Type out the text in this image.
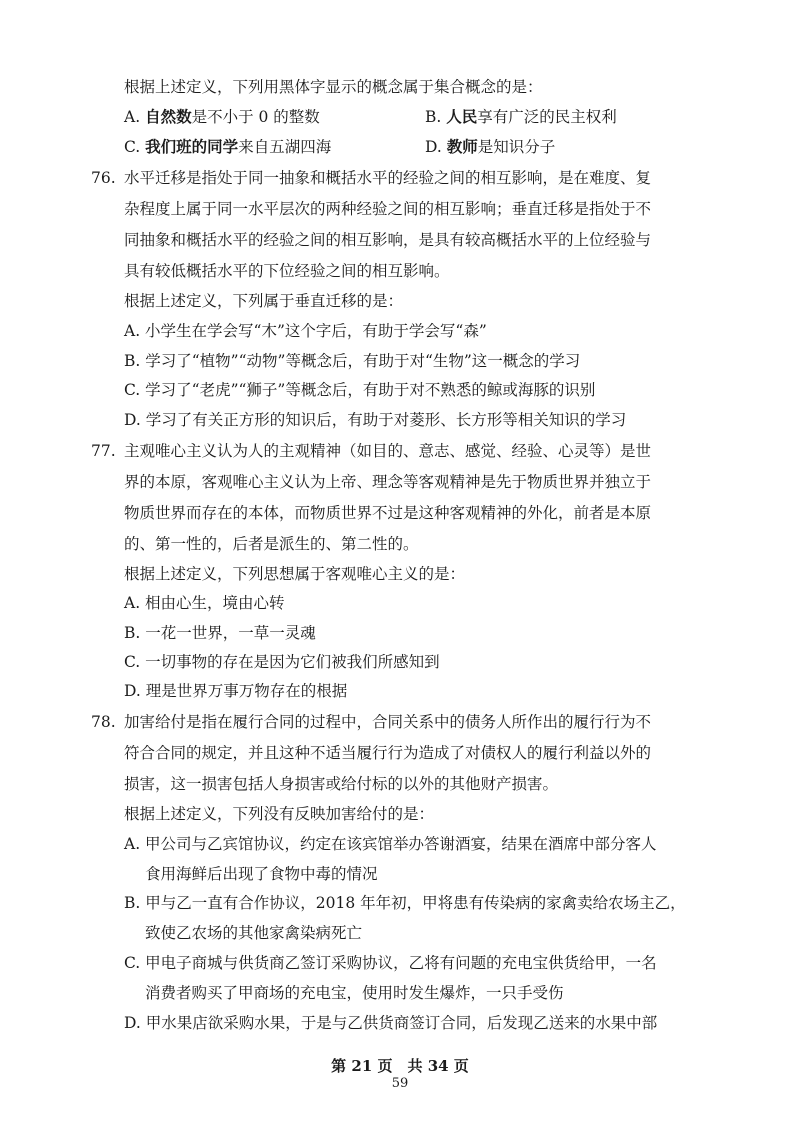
根据上述定义，下列用黑体字显示的概念属于集合概念的是：
A. 自然数是不小于 0 的整数	B. 人民享有广泛的民主权利
C. 我们班的同学来自五湖四海	D. 教师是知识分子
76. 水平迁移是指处于同一抽象和概括水平的经验之间的相互影响，是在难度、复
杂程度上属于同一水平层次的两种经验之间的相互影响；垂直迁移是指处于不
同抽象和概括水平的经验之间的相互影响，是具有较高概括水平的上位经验与
具有较低概括水平的下位经验之间的相互影响。
根据上述定义，下列属于垂直迁移的是：
A. 小学生在学会写“木”这个字后，有助于学会写“森”
B. 学习了“植物”“动物”等概念后，有助于对“生物”这一概念的学习
C. 学习了“老虎”“狮子”等概念后，有助于对不熟悉的鲸或海豚的识别
D. 学习了有关正方形的知识后，有助于对菱形、长方形等相关知识的学习
77. 主观唯心主义认为人的主观精神（如目的、意志、感觉、经验、心灵等）是世
界的本原，客观唯心主义认为上帝、理念等客观精神是先于物质世界并独立于
物质世界而存在的本体，而物质世界不过是这种客观精神的外化，前者是本原
的、第一性的，后者是派生的、第二性的。
根据上述定义，下列思想属于客观唯心主义的是：
A. 相由心生，境由心转
B. 一花一世界，一草一灵魂
C. 一切事物的存在是因为它们被我们所感知到
D. 理是世界万事万物存在的根据
78. 加害给付是指在履行合同的过程中，合同关系中的债务人所作出的履行行为不
符合合同的规定，并且这种不适当履行行为造成了对债权人的履行利益以外的
损害，这一损害包括人身损害或给付标的以外的其他财产损害。
根据上述定义，下列没有反映加害给付的是：
A. 甲公司与乙宾馆协议，约定在该宾馆举办答谢酒宴，结果在酒席中部分客人
食用海鲜后出现了食物中毒的情况
B. 甲与乙一直有合作协议，2018 年年初，甲将患有传染病的家禽卖给农场主乙，
致使乙农场的其他家禽染病死亡
C. 甲电子商城与供货商乙签订采购协议，乙将有问题的充电宝供货给甲，一名
消费者购买了甲商场的充电宝，使用时发生爆炸，一只手受伤
D. 甲水果店欲采购水果，于是与乙供货商签订合同，后发现乙送来的水果中部
第 21 页　共 34 页
59
